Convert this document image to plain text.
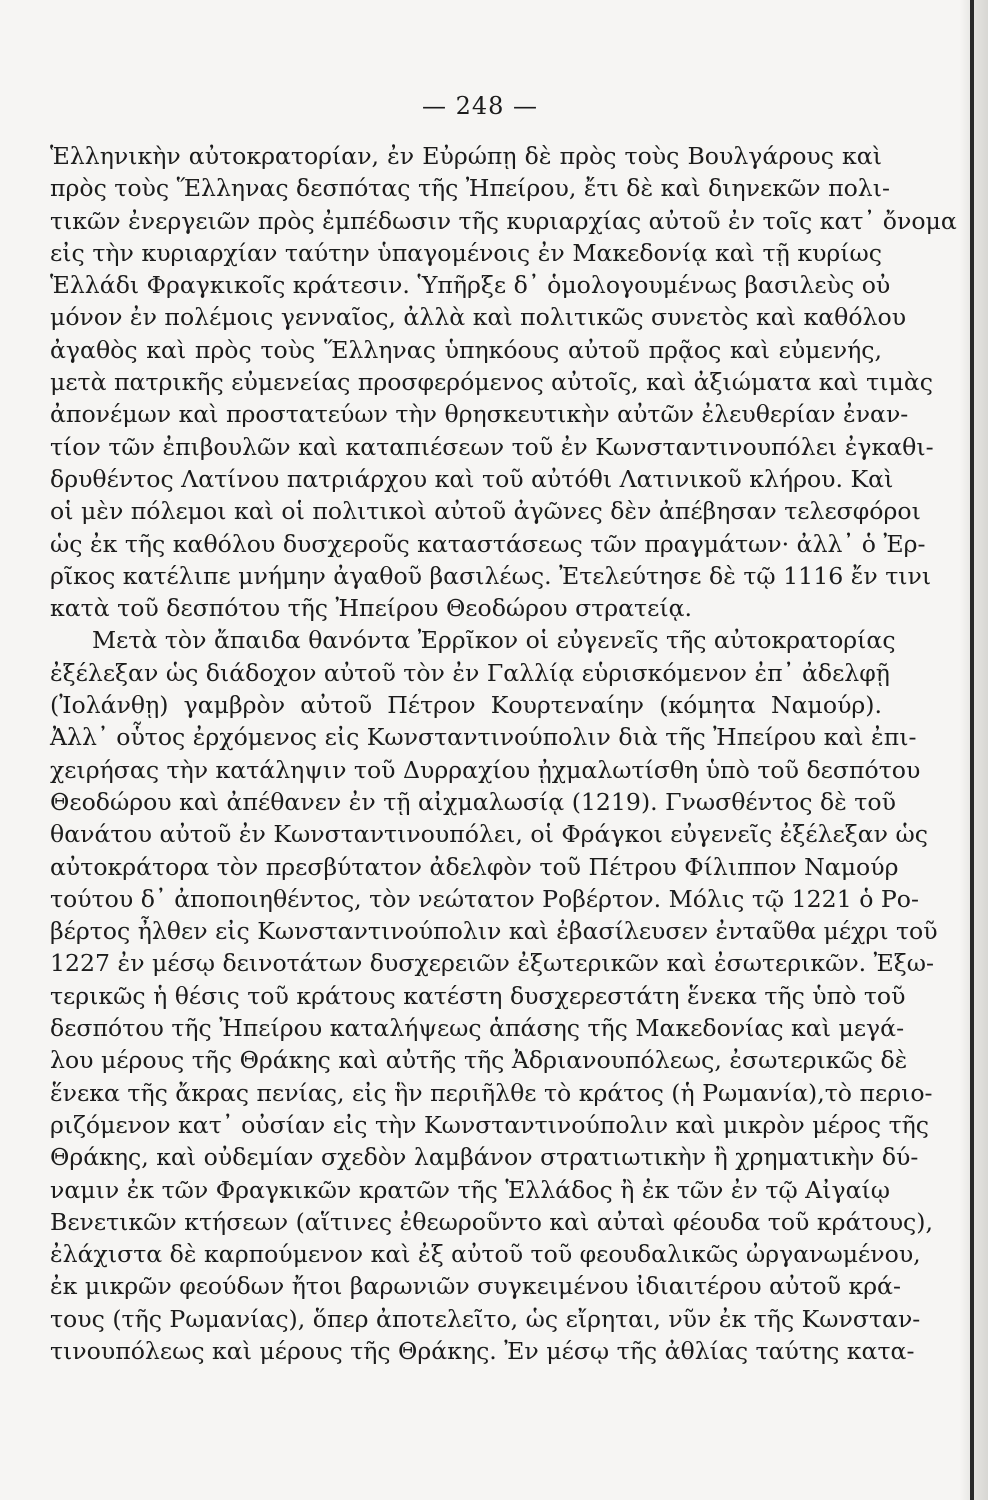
— 248 —
Ἑλληνικὴν αὐτοκρατορίαν, ἐν Εὐρώπῃ δὲ πρὸς τοὺς Βουλγάρους καὶ
πρὸς τοὺς Ἕλληνας δεσπότας τῆς Ἠπείρου, ἔτι δὲ καὶ διηνεκῶν πολι-
τικῶν ἐνεργειῶν πρὸς ἐμπέδωσιν τῆς κυριαρχίας αὐτοῦ ἐν τοῖς κατ᾽ ὄνομα
εἰς τὴν κυριαρχίαν ταύτην ὑπαγομένοις ἐν Μακεδονίᾳ καὶ τῇ κυρίως
Ἑλλάδι Φραγκικοῖς κράτεσιν. Ὑπῆρξε δ᾽ ὁμολογουμένως βασιλεὺς οὐ
μόνον ἐν πολέμοις γενναῖος, ἀλλὰ καὶ πολιτικῶς συνετὸς καὶ καθόλου
ἀγαθὸς καὶ πρὸς τοὺς Ἕλληνας ὑπηκόους αὐτοῦ πρᾷος καὶ εὐμενής,
μετὰ πατρικῆς εὐμενείας προσφερόμενος αὐτοῖς, καὶ ἀξιώματα καὶ τιμὰς
ἀπονέμων καὶ προστατεύων τὴν θρησκευτικὴν αὐτῶν ἐλευθερίαν ἐναν-
τίον τῶν ἐπιβουλῶν καὶ καταπιέσεων τοῦ ἐν Κωνσταντινουπόλει ἐγκαθι-
δρυθέντος Λατίνου πατριάρχου καὶ τοῦ αὐτόθι Λατινικοῦ κλήρου. Καὶ
οἱ μὲν πόλεμοι καὶ οἱ πολιτικοὶ αὐτοῦ ἀγῶνες δὲν ἀπέβησαν τελεσφόροι
ὡς ἐκ τῆς καθόλου δυσχεροῦς καταστάσεως τῶν πραγμάτων· ἀλλ᾽ ὁ Ἐρ-
ρῖκος κατέλιπε μνήμην ἀγαθοῦ βασιλέως. Ἐτελεύτησε δὲ τῷ 1116 ἔν τινι
κατὰ τοῦ δεσπότου τῆς Ἠπείρου Θεοδώρου στρατείᾳ.
Μετὰ τὸν ἄπαιδα θανόντα Ἐρρῖκον οἱ εὐγενεῖς τῆς αὐτοκρατορίας
ἐξέλεξαν ὡς διάδοχον αὐτοῦ τὸν ἐν Γαλλίᾳ εὑρισκόμενον ἐπ᾽ ἀδελφῇ
(Ἰολάνθῃ) γαμβρὸν αὐτοῦ Πέτρον Κουρτεναίην (κόμητα Ναμούρ).
Ἀλλ᾽ οὗτος ἐρχόμενος εἰς Κωνσταντινούπολιν διὰ τῆς Ἠπείρου καὶ ἐπι-
χειρήσας τὴν κατάληψιν τοῦ Δυρραχίου ᾐχμαλωτίσθη ὑπὸ τοῦ δεσπότου
Θεοδώρου καὶ ἀπέθανεν ἐν τῇ αἰχμαλωσίᾳ (1219). Γνωσθέντος δὲ τοῦ
θανάτου αὐτοῦ ἐν Κωνσταντινουπόλει, οἱ Φράγκοι εὐγενεῖς ἐξέλεξαν ὡς
αὐτοκράτορα τὸν πρεσβύτατον ἀδελφὸν τοῦ Πέτρου Φίλιππον Ναμούρ
τούτου δ᾽ ἀποποιηθέντος, τὸν νεώτατον Ροβέρτον. Μόλις τῷ 1221 ὁ Ρο-
βέρτος ἦλθεν εἰς Κωνσταντινούπολιν καὶ ἐβασίλευσεν ἐνταῦθα μέχρι τοῦ
1227 ἐν μέσῳ δεινοτάτων δυσχερειῶν ἐξωτερικῶν καὶ ἐσωτερικῶν. Ἐξω-
τερικῶς ἡ θέσις τοῦ κράτους κατέστη δυσχερεστάτη ἕνεκα τῆς ὑπὸ τοῦ
δεσπότου τῆς Ἠπείρου καταλήψεως ἁπάσης τῆς Μακεδονίας καὶ μεγά-
λου μέρους τῆς Θράκης καὶ αὐτῆς τῆς Ἀδριανουπόλεως, ἐσωτερικῶς δὲ
ἕνεκα τῆς ἄκρας πενίας, εἰς ἣν περιῆλθε τὸ κράτος (ἡ Ρωμανία),τὸ περιο-
ριζόμενον κατ᾽ οὐσίαν εἰς τὴν Κωνσταντινούπολιν καὶ μικρὸν μέρος τῆς
Θράκης, καὶ οὐδεμίαν σχεδὸν λαμβάνον στρατιωτικὴν ἢ χρηματικὴν δύ-
ναμιν ἐκ τῶν Φραγκικῶν κρατῶν τῆς Ἑλλάδος ἢ ἐκ τῶν ἐν τῷ Αἰγαίῳ
Βενετικῶν κτήσεων (αἵτινες ἐθεωροῦντο καὶ αὐταὶ φέουδα τοῦ κράτους),
ἐλάχιστα δὲ καρπούμενον καὶ ἐξ αὐτοῦ τοῦ φεουδαλικῶς ὠργανωμένου,
ἐκ μικρῶν φεούδων ἤτοι βαρωνιῶν συγκειμένου ἰδιαιτέρου αὐτοῦ κρά-
τους (τῆς Ρωμανίας), ὅπερ ἀποτελεῖτο, ὡς εἴρηται, νῦν ἐκ τῆς Κωνσταν-
τινουπόλεως καὶ μέρους τῆς Θράκης. Ἐν μέσῳ τῆς ἀθλίας ταύτης κατα-
